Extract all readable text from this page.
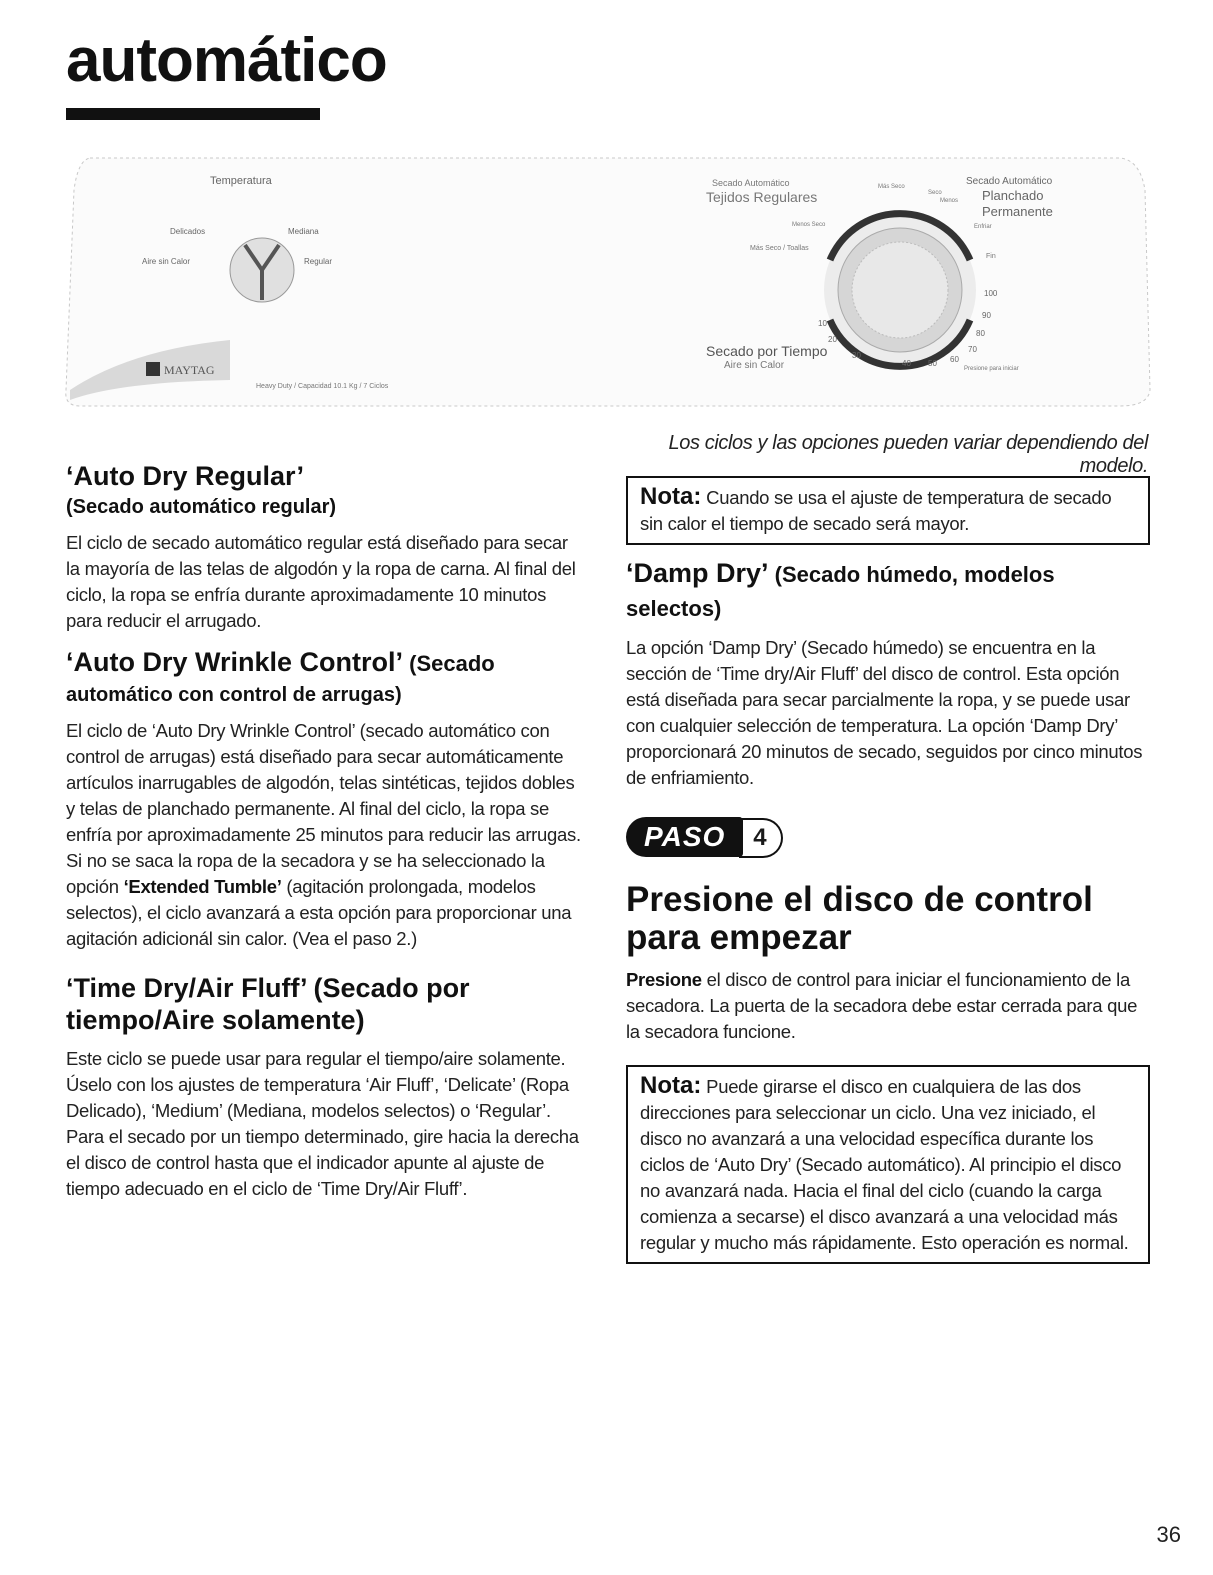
automático
Temperatura
Delicados	Mediana
Aire sin Calor	Regular
MAYTAG
Heavy Duty / Capacidad 10.1 Kg / 7 Ciclos
Secado Automático
Tejidos Regulares
Más Seco
Seco
Menos Seco
Menos
Enfriar
Fin
Secado Automático
Planchado
Permanente
Más Seco / Toallas
Secado por Tiempo
Aire sin Calor	Presione para iniciar
10
20
30
40 50 60
70
80
90
100
Los ciclos y las opciones pueden variar dependiendo del modelo.
‘Auto Dry Regular’
(Secado automático regular)

El ciclo de secado automático regular está diseñado para secar la mayoría de las telas de algodón y la ropa de carna. Al final del ciclo, la ropa se enfría durante aproximadamente 10 minutos para reducir el arrugado.

‘Auto Dry Wrinkle Control’ (Secado
automático con control de arrugas)

El ciclo de ‘Auto Dry Wrinkle Control’ (secado automático con control de arrugas) está diseñado para secar automáticamente artículos inarrugables de algodón, telas sintéticas, tejidos dobles y telas de planchado permanente. Al final del ciclo, la ropa se enfría por aproximadamente 25 minutos para reducir las arrugas. Si no se saca la ropa de la secadora y se ha seleccionado la opción ‘Extended Tumble’ (agitación prolongada, modelos selectos), el ciclo avanzará a esta opción para proporcionar una agitación adicionál sin calor. (Vea el paso 2.)

‘Time Dry/Air Fluff’ (Secado por tiempo/Aire solamente)

Este ciclo se puede usar para regular el tiempo/aire solamente. Úselo con los ajustes de temperatura ‘Air Fluff’, ‘Delicate’ (Ropa Delicado), ‘Medium’ (Mediana, modelos selectos) o ‘Regular’. Para el secado por un tiempo determinado, gire hacia la derecha el disco de control hasta que el indicador apunte al ajuste de tiempo adecuado en el ciclo de ‘Time Dry/Air Fluff’.

Nota: Cuando se usa el ajuste de temperatura de secado sin calor el tiempo de secado será mayor.
‘Damp Dry’ (Secado húmedo, modelos selectos)

La opción ‘Damp Dry’ (Secado húmedo) se encuentra en la sección de ‘Time dry/Air Fluff’ del disco de control. Esta opción está diseñada para secar parcialmente la ropa, y se puede usar con cualquier selección de temperatura. La opción ‘Damp Dry’ proporcionará 20 minutos de secado, seguidos por cinco minutos de enfriamiento.

PASO 4
Presione el disco de control para empezar

Presione el disco de control para iniciar el funcionamiento de la secadora. La puerta de la secadora debe estar cerrada para que la secadora funcione.

Nota: Puede girarse el disco en cualquiera de las dos direcciones para seleccionar un ciclo. Una vez iniciado, el disco no avanzará a una velocidad específica durante los ciclos de ‘Auto Dry’ (Secado automático). Al principio el disco no avanzará nada. Hacia el final del ciclo (cuando la carga comienza a secarse) el disco avanzará a una velocidad más regular y mucho más rápidamente. Esto operación es normal.
36
